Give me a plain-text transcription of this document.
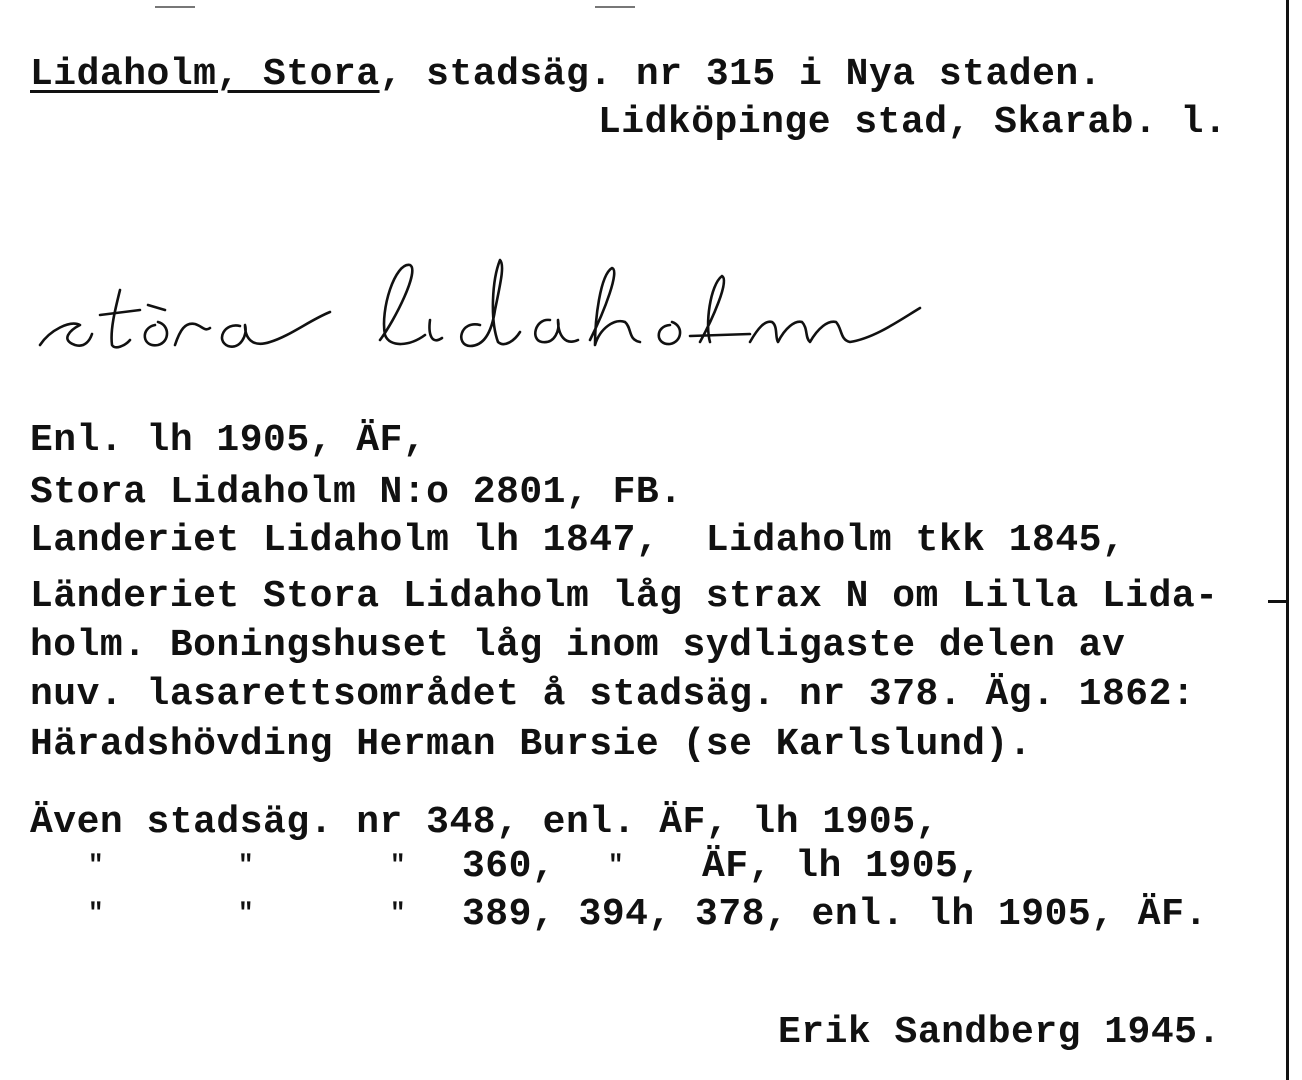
Lidaholm, Stora, stadsäg. nr 315 i Nya staden.
Lidköpinge stad, Skarab. l.
Enl. lh 1905, ÄF,
Stora Lidaholm N:o 2801, FB.
Landeriet Lidaholm lh 1847,  Lidaholm tkk 1845,
Länderiet Stora Lidaholm låg strax N om Lilla Lida-
holm. Boningshuset låg inom sydligaste delen av
nuv. lasarettsområdet å stadsäg. nr 378. Äg. 1862:
Häradshövding Herman Bursie (se Karlslund).
Även stadsäg. nr 348, enl. ÄF, lh 1905,
"	"	" 360, " ÄF, lh 1905,
"	"	" 389, 394, 378, enl. lh 1905, ÄF.
Erik Sandberg 1945.
